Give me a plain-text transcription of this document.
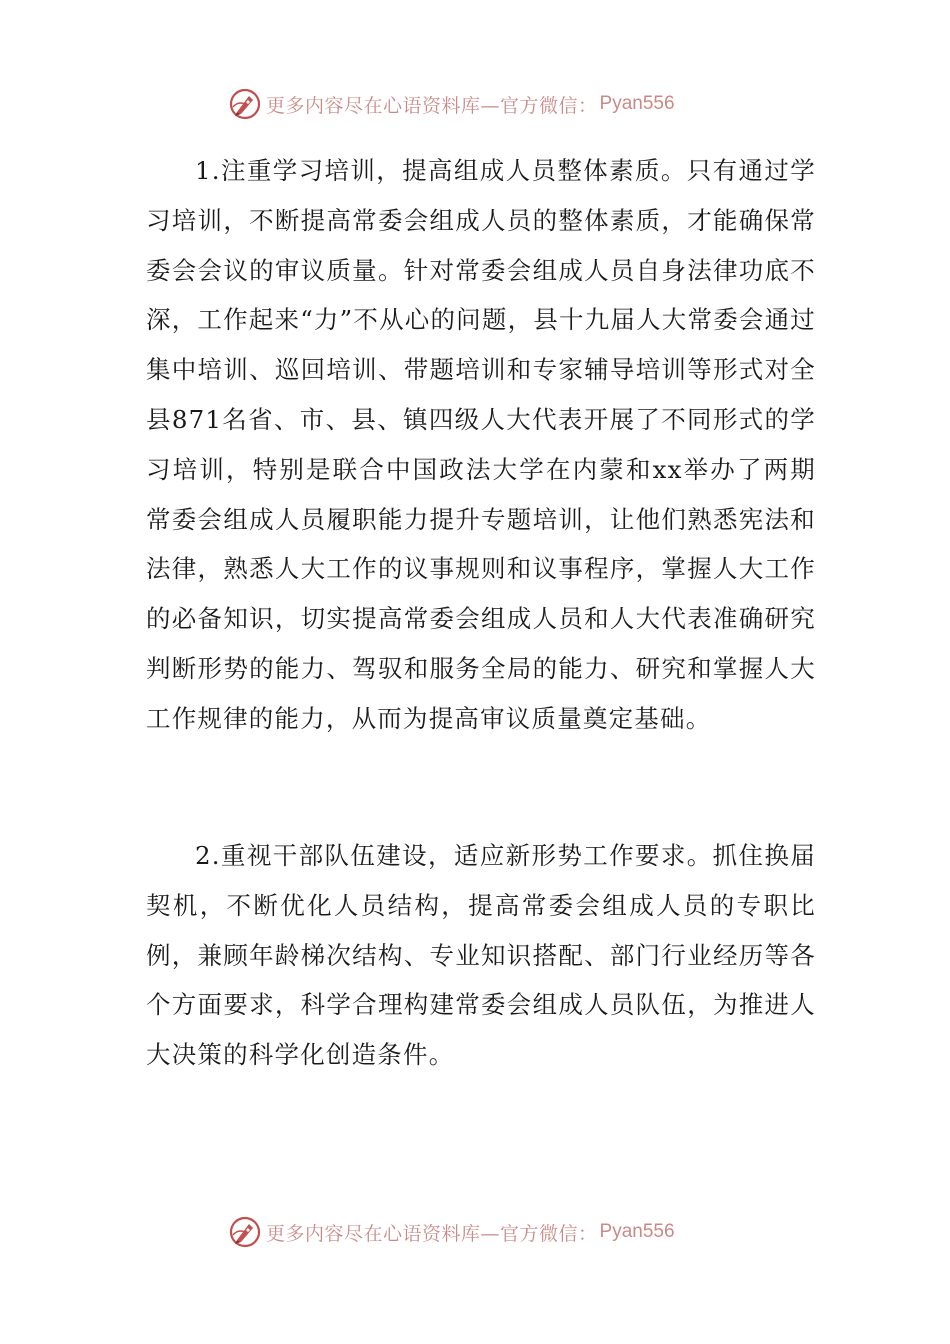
更多内容尽在心语资料库—官方微信： Pyan556

1.注重学习培训，提高组成人员整体素质。只有通过学习培训，不断提高常委会组成人员的整体素质，才能确保常委会会议的审议质量。针对常委会组成人员自身法律功底不深，工作起来“力”不从心的问题，县十九届人大常委会通过集中培训、巡回培训、带题培训和专家辅导培训等形式对全县871名省、市、县、镇四级人大代表开展了不同形式的学习培训，特别是联合中国政法大学在内蒙和xx举办了两期常委会组成人员履职能力提升专题培训，让他们熟悉宪法和法律，熟悉人大工作的议事规则和议事程序，掌握人大工作的必备知识，切实提高常委会组成人员和人大代表准确研究判断形势的能力、驾驭和服务全局的能力、研究和掌握人大工作规律的能力，从而为提高审议质量奠定基础。

2.重视干部队伍建设，适应新形势工作要求。抓住换届契机，不断优化人员结构，提高常委会组成人员的专职比例，兼顾年龄梯次结构、专业知识搭配、部门行业经历等各个方面要求，科学合理构建常委会组成人员队伍，为推进人大决策的科学化创造条件。

更多内容尽在心语资料库—官方微信： Pyan556
